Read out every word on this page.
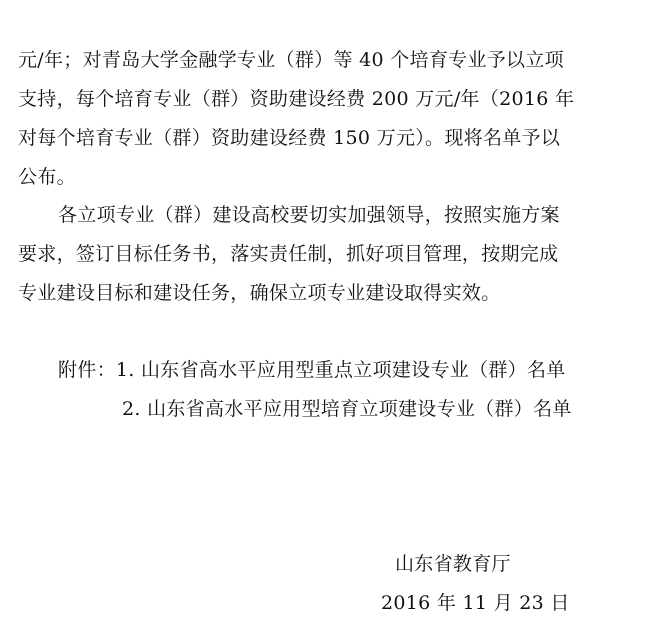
元/年；对青岛大学金融学专业（群）等 40 个培育专业予以立项
支持，每个培育专业（群）资助建设经费 200 万元/年（2016 年
对每个培育专业（群）资助建设经费 150 万元）。现将名单予以
公布。
各立项专业（群）建设高校要切实加强领导，按照实施方案
要求，签订目标任务书，落实责任制，抓好项目管理，按期完成
专业建设目标和建设任务，确保立项专业建设取得实效。
附件：1. 山东省高水平应用型重点立项建设专业（群）名单
2. 山东省高水平应用型培育立项建设专业（群）名单
山东省教育厅
2016 年 11 月 23 日
